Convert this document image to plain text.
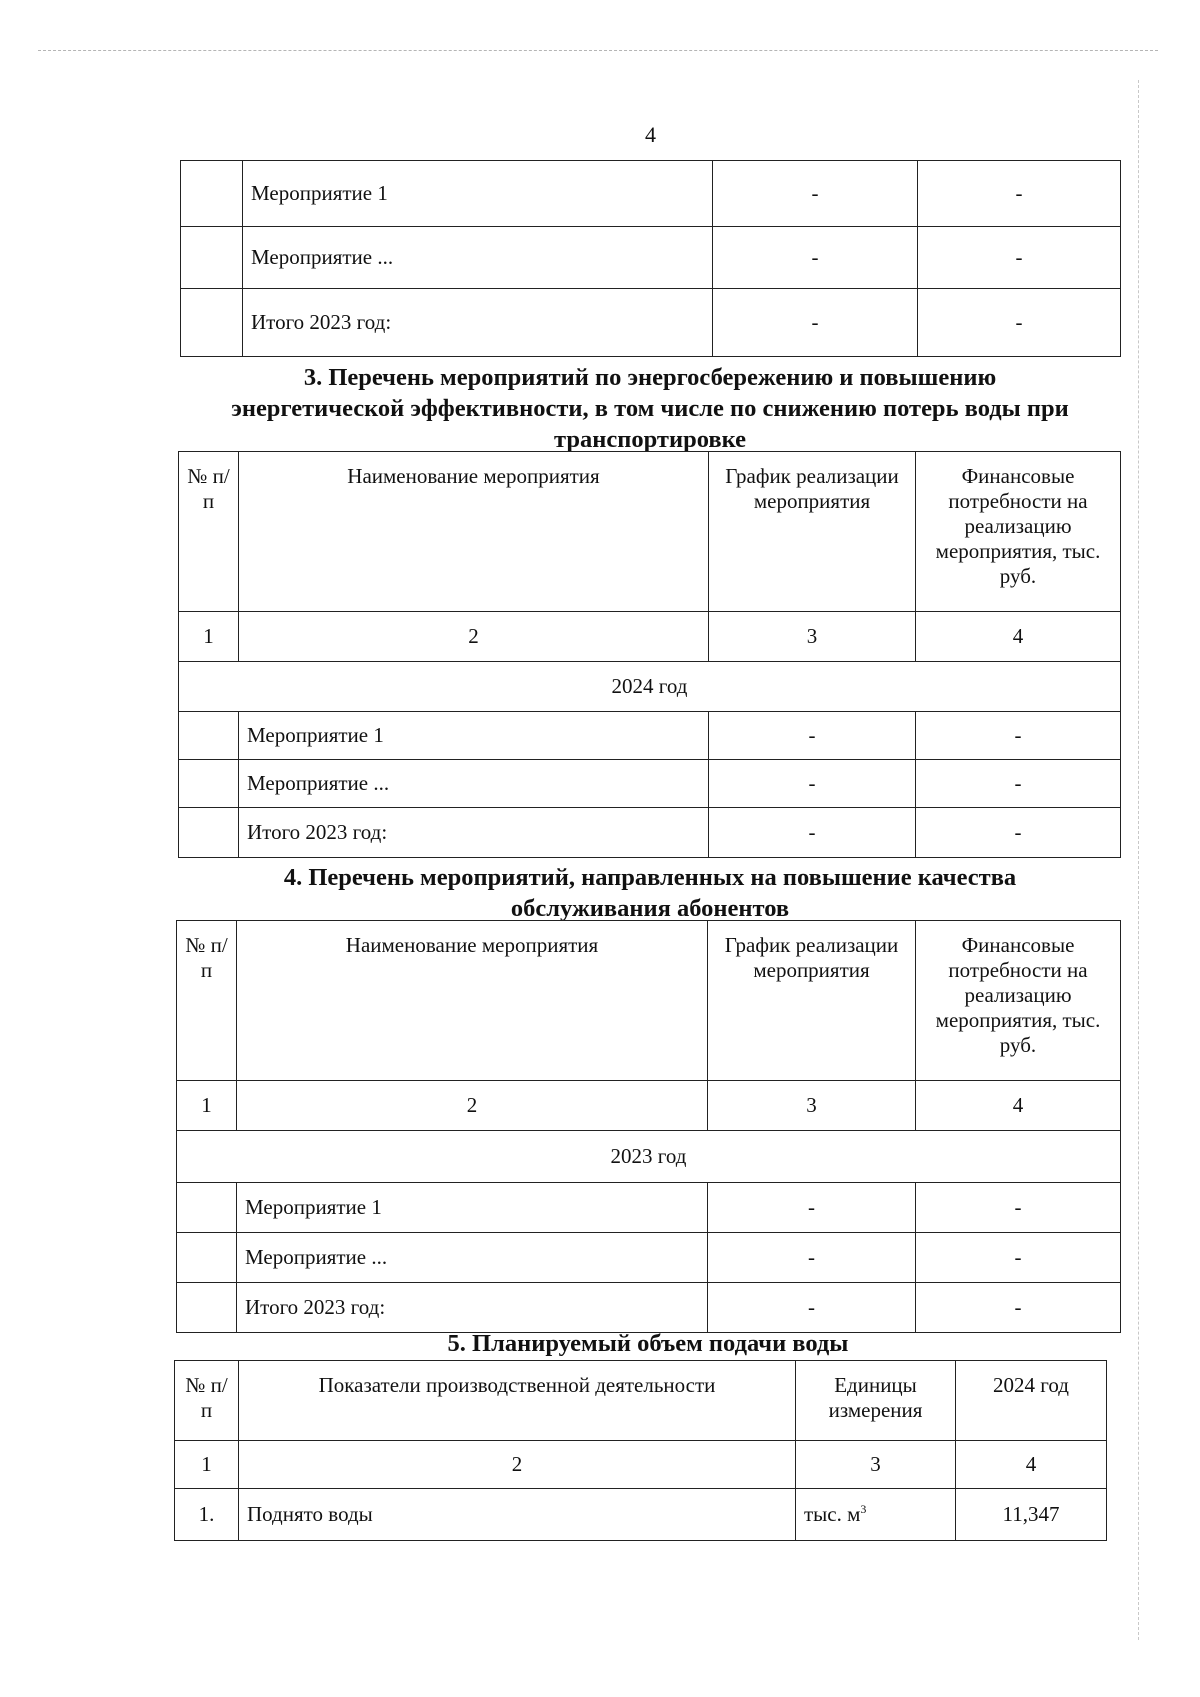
4
	Мероприятие 1	-	-
	Мероприятие ...	-	-
	Итого 2023 год:	-	-
3. Перечень мероприятий по энергосбережению и повышению
энергетической эффективности, в том числе по снижению потерь воды при
транспортировке
№ п/п	Наименование мероприятия	График реализации мероприятия	Финансовые потребности на реализацию мероприятия, тыс. руб.
1	2	3	4
2024 год			
	Мероприятие 1	-	-
	Мероприятие ...	-	-
	Итого 2023 год:	-	-
4. Перечень мероприятий, направленных на повышение качества
обслуживания абонентов
№ п/п	Наименование мероприятия	График реализации мероприятия	Финансовые потребности на реализацию мероприятия, тыс. руб.
1	2	3	4
2023 год			
	Мероприятие 1	-	-
	Мероприятие ...	-	-
	Итого 2023 год:	-	-
5. Планируемый объем подачи воды
№ п/п	Показатели производственной деятельности	Единицы измерения	2024 год
1	2	3	4
1.	Поднято воды	тыс. $м^3$	11,347
